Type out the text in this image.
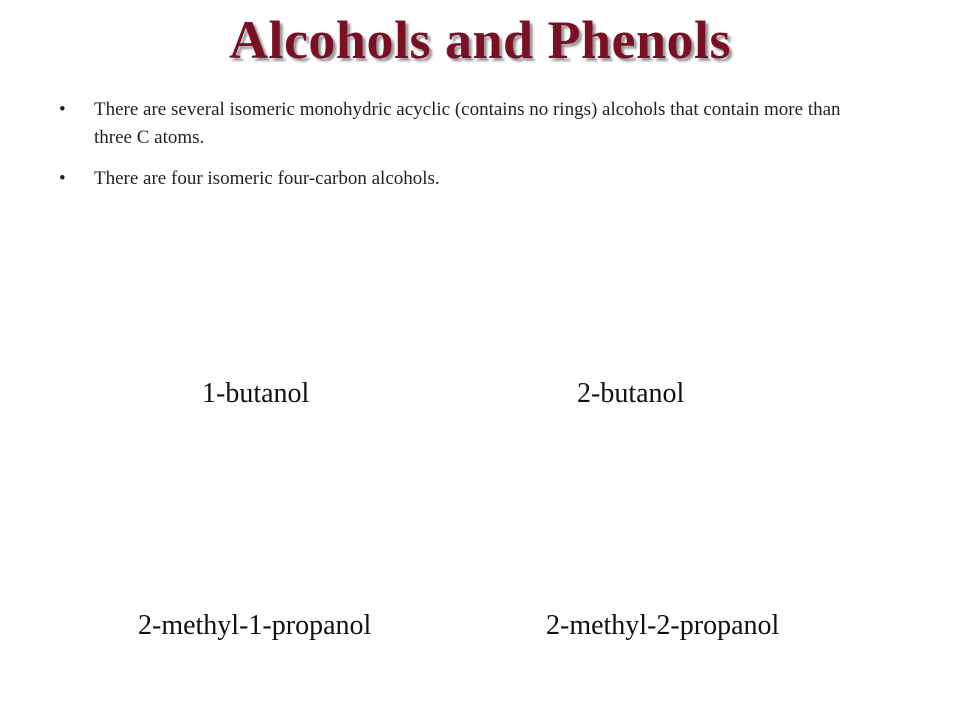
Alcohols and Phenols
• There are several isomeric monohydric acyclic (contains no rings) alcohols that contain more than three C atoms.
• There are four isomeric four-carbon alcohols.
1-butanol	2-butanol
2-methyl-1-propanol	2-methyl-2-propanol
